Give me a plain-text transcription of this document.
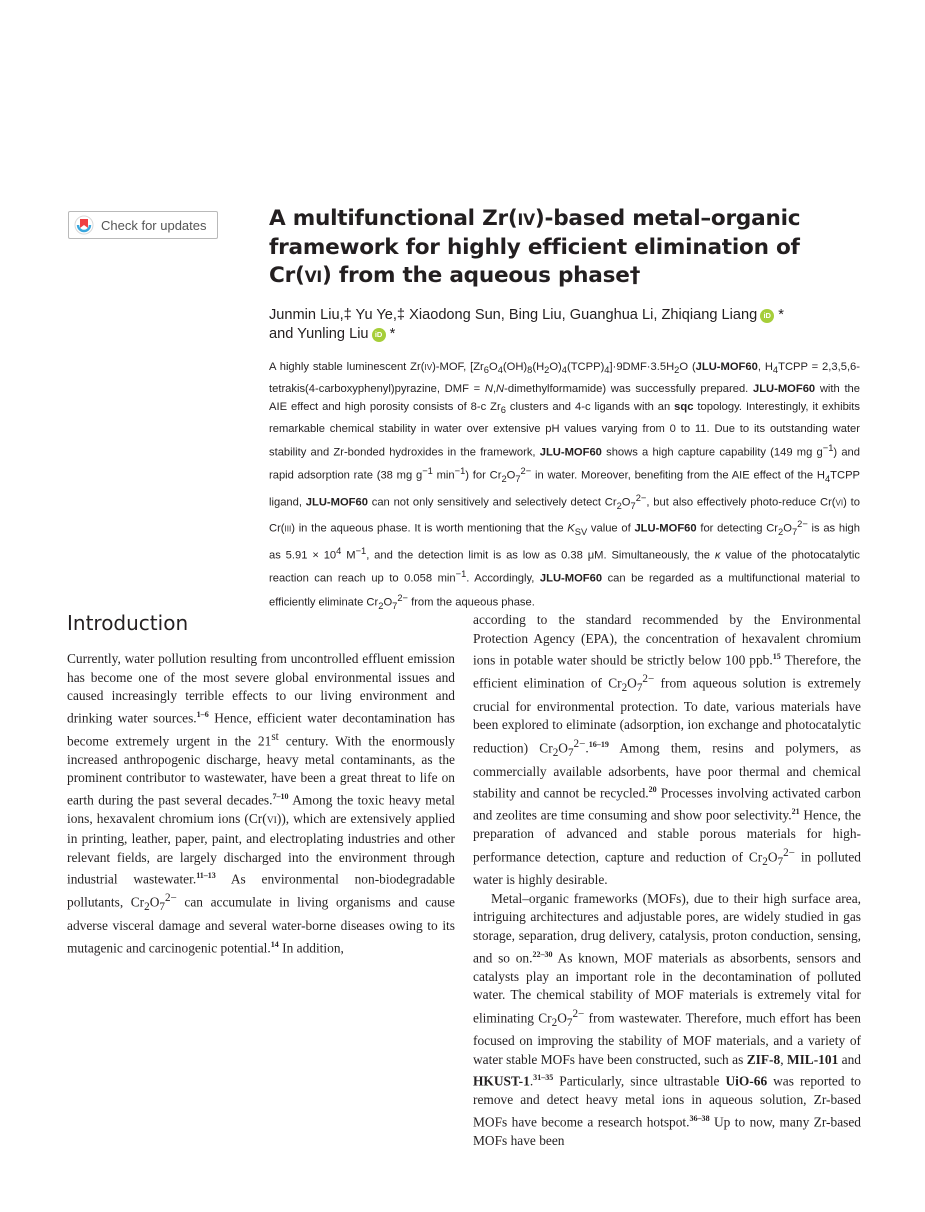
Check for updates	A multifunctional Zr(IV)-based metal–organic framework for highly efficient elimination of Cr(VI) from the aqueous phase†
Junmin Liu,‡ Yu Ye,‡ Xiaodong Sun, Bing Liu, Guanghua Li, Zhiqiang Liang iD *
and Yunling Liu iD *
A highly stable luminescent Zr(IV)-MOF, $[Zr_6O_4(OH)_8(H_2O)_4(TCPP)_4]\cdot 9DMF\cdot 3.5H_2O$ (JLU-MOF60, $H_4TCPP$ = 2,3,5,6-tetrakis(4-carboxyphenyl)pyrazine, DMF = N,N-dimethylformamide) was successfully prepared. JLU-MOF60 with the AIE effect and high porosity consists of 8-c $Zr_6$ clusters and 4-c ligands with an sqc topology. Interestingly, it exhibits remarkable chemical stability in water over extensive pH values varying from 0 to 11. Due to its outstanding water stability and Zr-bonded hydroxides in the framework, JLU-MOF60 shows a high capture capability (149 mg $g^{-1}$) and rapid adsorption rate (38 mg $g^{-1}$ $\min^{-1}$) for $Cr_2O_7^{2-}$ in water. Moreover, benefiting from the AIE effect of the $H_4TCPP$ ligand, JLU-MOF60 can not only sensitively and selectively detect $Cr_2O_7^{2-}$, but also effectively photo-reduce Cr(VI) to Cr(III) in the aqueous phase. It is worth mentioning that the $K_{SV}$ value of JLU-MOF60 for detecting $Cr_2O_7^{2-}$ is as high as $5.91 \times 10^4$ $M^{-1}$, and the detection limit is as low as 0.38 μM. Simultaneously, the κ value of the photocatalytic reaction can reach up to 0.058 $\min^{-1}$. Accordingly, JLU-MOF60 can be regarded as a multifunctional material to efficiently eliminate $Cr_2O_7^{2-}$ from the aqueous phase.
Introduction

Currently, water pollution resulting from uncontrolled effluent emission has become one of the most severe global environmental issues and caused increasingly terrible effects to our living environment and drinking water sources.$^{1-6}$ Hence, efficient water decontamination has become extremely urgent in the 21st century. With the enormously increased anthropogenic discharge, heavy metal contaminants, as the prominent contributor to wastewater, have been a great threat to life on earth during the past several decades.$^{7-10}$ Among the toxic heavy metal ions, hexavalent chromium ions (Cr(VI)), which are extensively applied in printing, leather, paper, paint, and electroplating industries and other relevant fields, are largely discharged into the environment through industrial wastewater.$^{11-13}$ As environmental non-biodegradable pollutants, $Cr_2O_7^{2-}$ can accumulate in living organisms and cause adverse visceral damage and several water-borne diseases owing to its mutagenic and carcinogenic potential.$^{14}$ In addition,

according to the standard recommended by the Environmental Protection Agency (EPA), the concentration of hexavalent chromium ions in potable water should be strictly below 100 ppb.$^{15}$ Therefore, the efficient elimination of $Cr_2O_7^{2-}$ from aqueous solution is extremely crucial for environmental protection. To date, various materials have been explored to eliminate (adsorption, ion exchange and photocatalytic reduction) $Cr_2O_7^{2-}.^{16-19}$ Among them, resins and polymers, as commercially available adsorbents, have poor thermal and chemical stability and cannot be recycled.$^{20}$ Processes involving activated carbon and zeolites are time consuming and show poor selectivity.$^{21}$ Hence, the preparation of advanced and stable porous materials for high-performance detection, capture and reduction of $Cr_2O_7^{2-}$ in polluted water is highly desirable.

Metal–organic frameworks (MOFs), due to their high surface area, intriguing architectures and adjustable pores, are widely studied in gas storage, separation, drug delivery, catalysis, proton conduction, sensing, and so on.$^{22-30}$ As known, MOF materials as absorbents, sensors and catalysts play an important role in the decontamination of polluted water. The chemical stability of MOF materials is extremely vital for eliminating $Cr_2O_7^{2-}$ from wastewater. Therefore, much effort has been focused on improving the stability of MOF materials, and a variety of water stable MOFs have been constructed, such as ZIF-8, MIL-101 and HKUST-1.$^{31-35}$ Particularly, since ultrastable UiO-66 was reported to remove and detect heavy metal ions in aqueous solution, Zr-based MOFs have become a research hotspot.$^{36-38}$ Up to now, many Zr-based MOFs have been
